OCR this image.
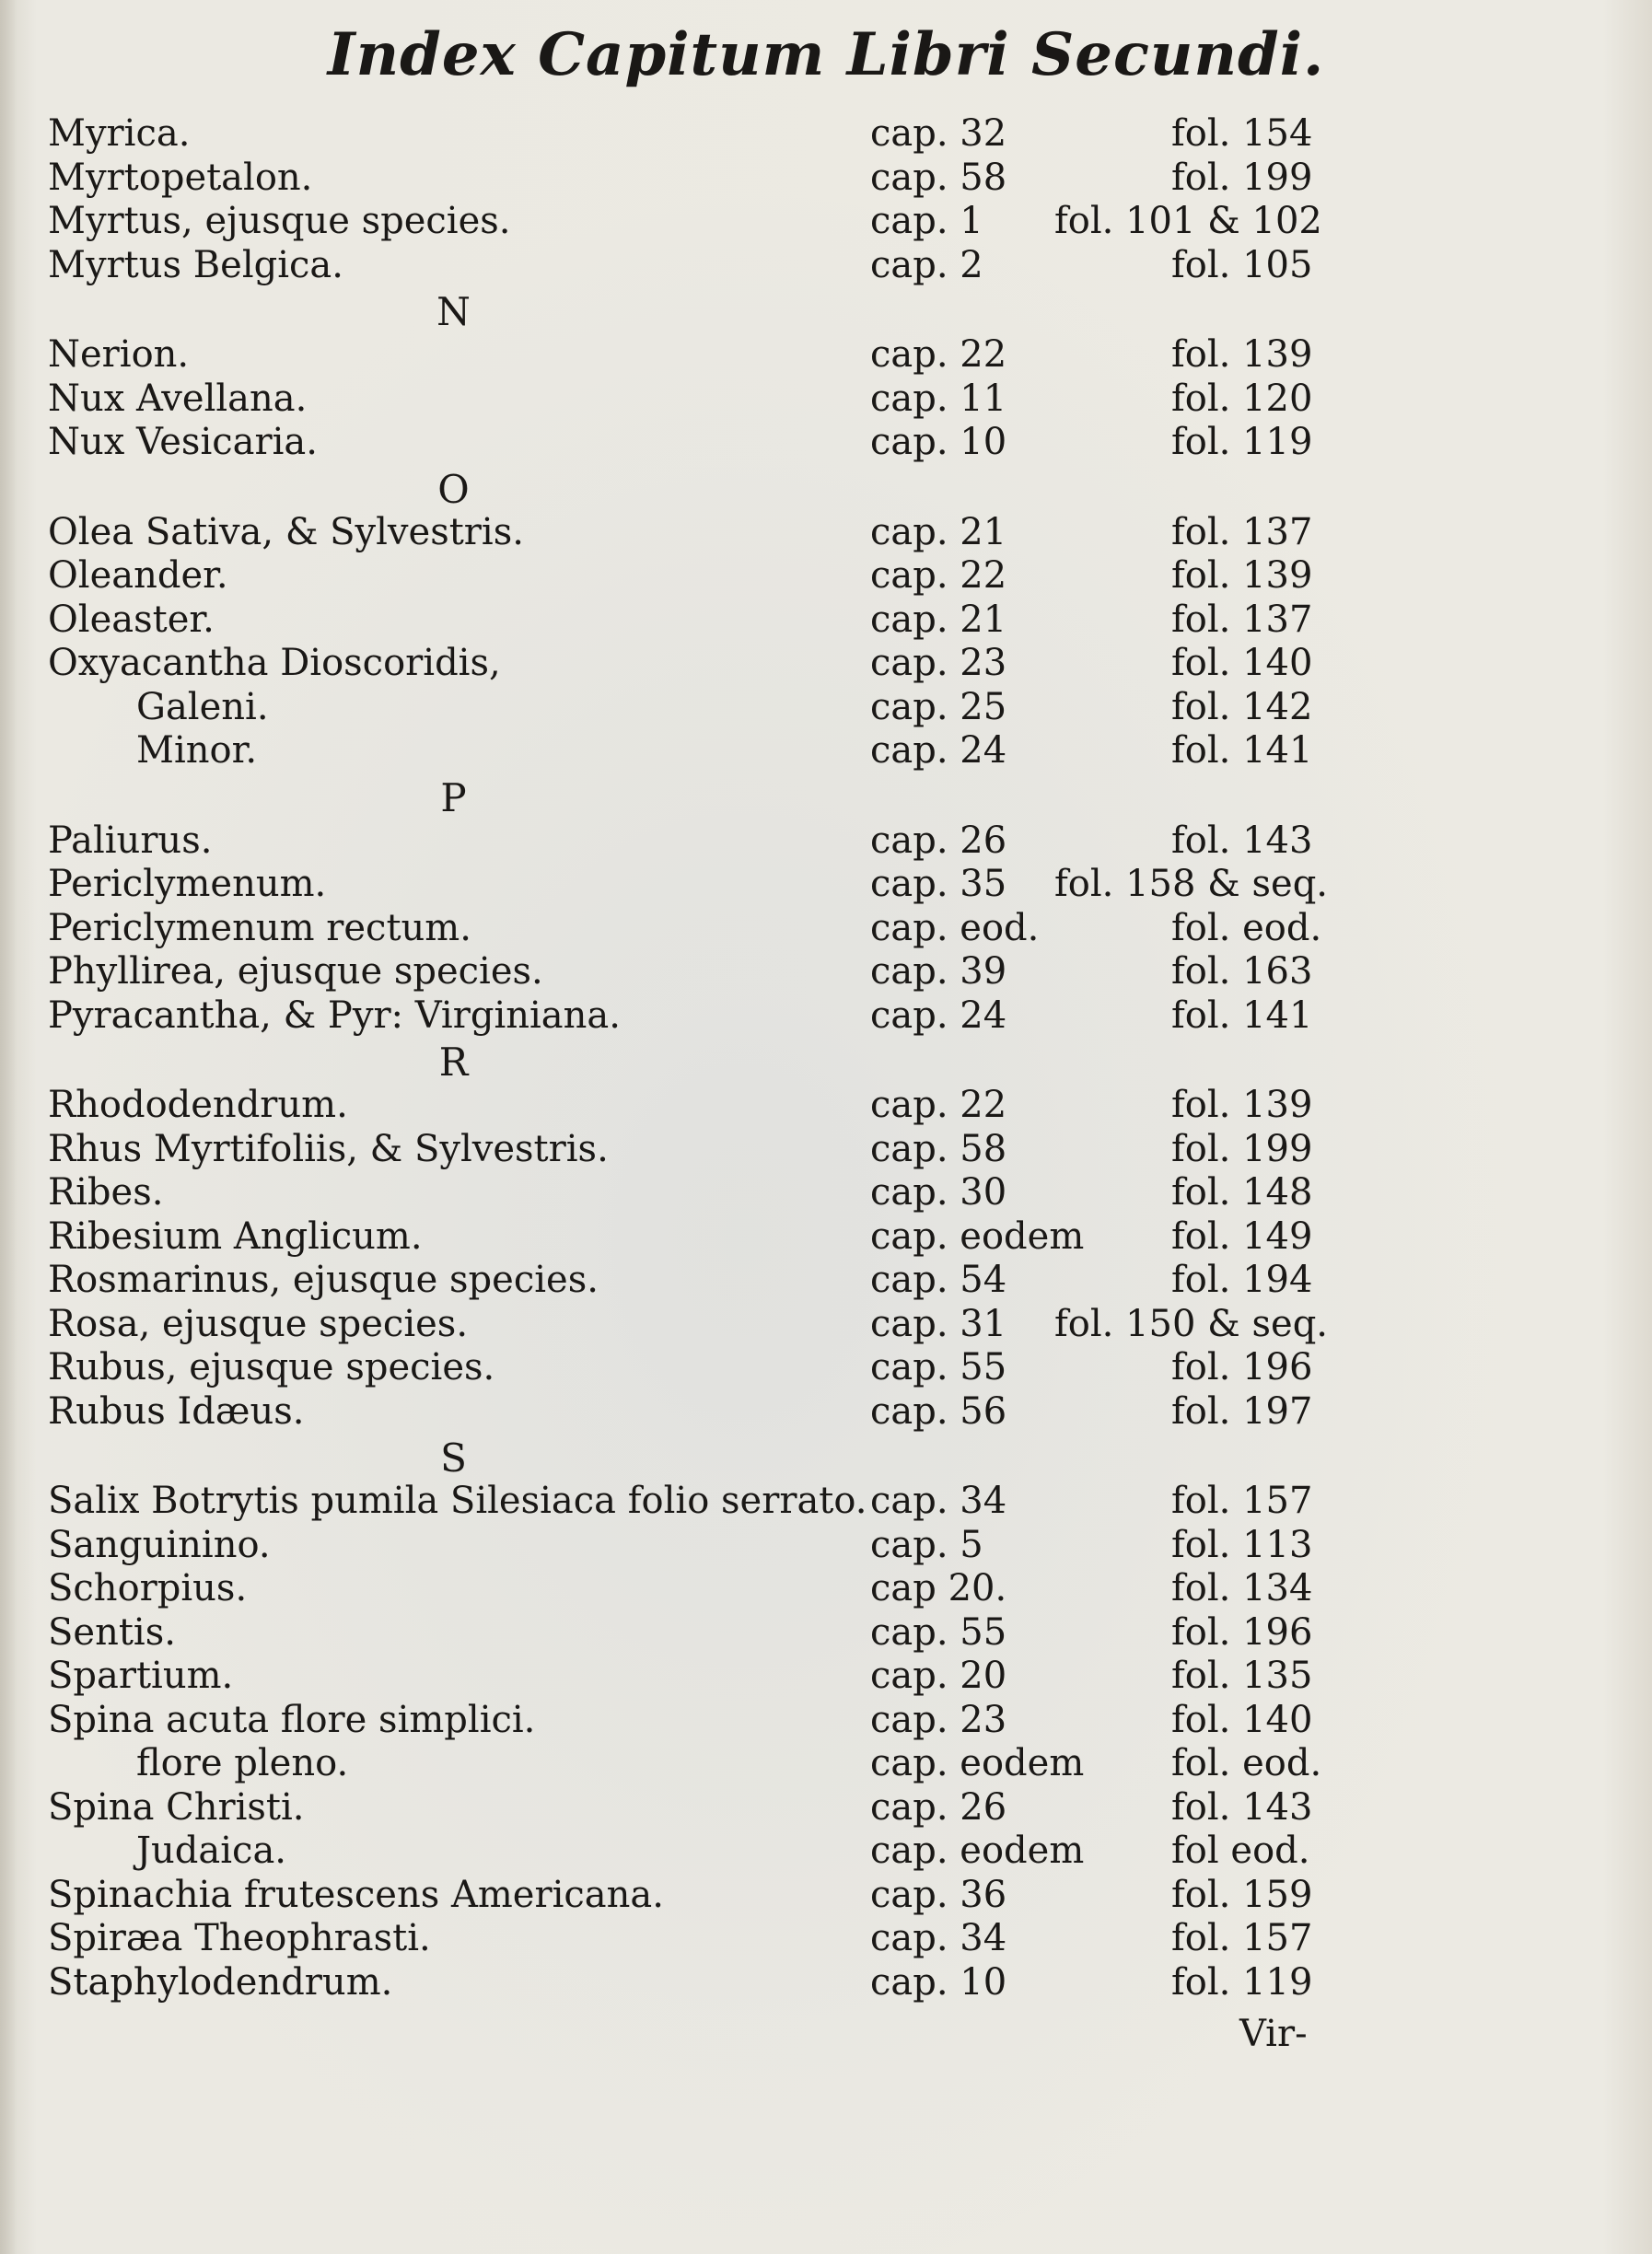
Index Capitum Libri Secundi.
Myrica.	cap. 32	fol. 154
Myrtopetalon.	cap. 58	fol. 199
Myrtus, ejusque species.	cap. 1 fol. 101 & 102
Myrtus Belgica.	cap. 2	fol. 105
N
Nerion.	cap. 22	fol. 139
Nux Avellana.	cap. 11	fol. 120
Nux Vesicaria.	cap. 10	fol. 119
O
Olea Sativa, & Sylvestris.	cap. 21	fol. 137
Oleander.	cap. 22	fol. 139
Oleaster.	cap. 21	fol. 137
Oxyacantha Dioscoridis,	cap. 23	fol. 140
Galeni.	cap. 25	fol. 142
Minor.	cap. 24	fol. 141
P
Paliurus.	cap. 26	fol. 143
Periclymenum.	cap. 35 fol. 158 & seq.
Periclymenum rectum.	cap. eod.	fol. eod.
Phyllirea, ejusque species.	cap. 39	fol. 163
Pyracantha, & Pyr: Virginiana.	cap. 24	fol. 141
R
Rhododendrum.	cap. 22	fol. 139
Rhus Myrtifoliis, & Sylvestris.	cap. 58	fol. 199
Ribes.	cap. 30	fol. 148
Ribesium Anglicum.	cap. eodem fol. 149
Rosmarinus, ejusque species.	cap. 54	fol. 194
Rosa, ejusque species.	cap. 31 fol. 150 & seq.
Rubus, ejusque species.	cap. 55	fol. 196
Rubus Idæus.	cap. 56	fol. 197
S
Salix Botrytis pumila Silesiaca folio serrato. cap. 34	fol. 157
Sanguinino.	cap. 5	fol. 113
Schorpius.	cap 20.	fol. 134
Sentis.	cap. 55	fol. 196
Spartium.	cap. 20	fol. 135
Spina acuta flore simplici.	cap. 23	fol. 140
flore pleno.	cap. eodem fol. eod.
Spina Christi.	cap. 26	fol. 143
Judaica.	cap. eodem fol eod.
Spinachia frutescens Americana.	cap. 36	fol. 159
Spiræa Theophrasti.	cap. 34	fol. 157
Staphylodendrum.	cap. 10	fol. 119
Vir-
